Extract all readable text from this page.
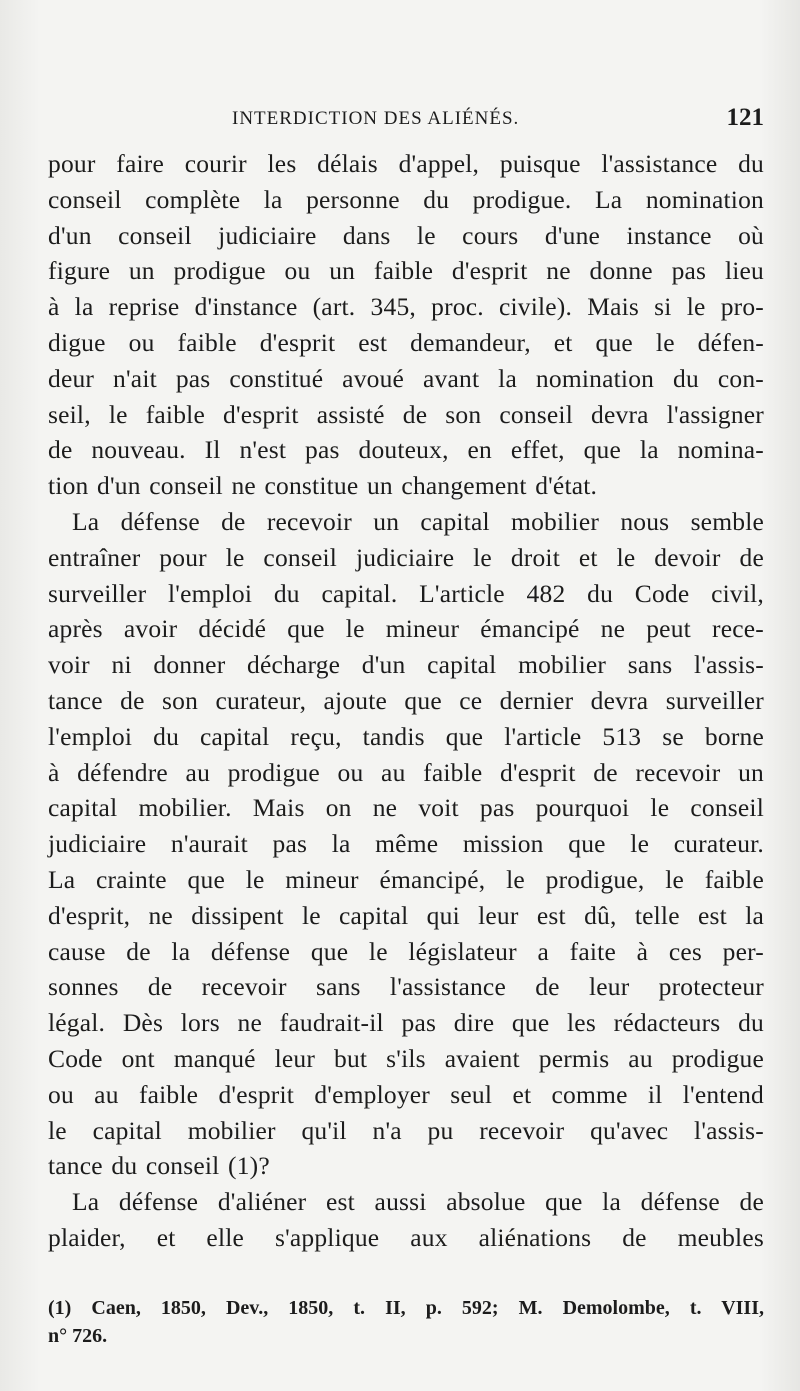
INTERDICTION DES ALIÉNÉS.	121
pour faire courir les délais d'appel, puisque l'assistance du
conseil complète la personne du prodigue. La nomination
d'un conseil judiciaire dans le cours d'une instance où
figure un prodigue ou un faible d'esprit ne donne pas lieu
à la reprise d'instance (art. 345, proc. civile). Mais si le pro-
digue ou faible d'esprit est demandeur, et que le défen-
deur n'ait pas constitué avoué avant la nomination du con-
seil, le faible d'esprit assisté de son conseil devra l'assigner
de nouveau. Il n'est pas douteux, en effet, que la nomina-
tion d'un conseil ne constitue un changement d'état.
La défense de recevoir un capital mobilier nous semble
entraîner pour le conseil judiciaire le droit et le devoir de
surveiller l'emploi du capital. L'article 482 du Code civil,
après avoir décidé que le mineur émancipé ne peut rece-
voir ni donner décharge d'un capital mobilier sans l'assis-
tance de son curateur, ajoute que ce dernier devra surveiller
l'emploi du capital reçu, tandis que l'article 513 se borne
à défendre au prodigue ou au faible d'esprit de recevoir un
capital mobilier. Mais on ne voit pas pourquoi le conseil
judiciaire n'aurait pas la même mission que le curateur.
La crainte que le mineur émancipé, le prodigue, le faible
d'esprit, ne dissipent le capital qui leur est dû, telle est la
cause de la défense que le législateur a faite à ces per-
sonnes de recevoir sans l'assistance de leur protecteur
légal. Dès lors ne faudrait-il pas dire que les rédacteurs du
Code ont manqué leur but s'ils avaient permis au prodigue
ou au faible d'esprit d'employer seul et comme il l'entend
le capital mobilier qu'il n'a pu recevoir qu'avec l'assis-
tance du conseil (1)?
La défense d'aliéner est aussi absolue que la défense de
plaider, et elle s'applique aux aliénations de meubles
(1) Caen, 1850, Dev., 1850, t. II, p. 592; M. Demolombe, t. VIII,
n° 726.
